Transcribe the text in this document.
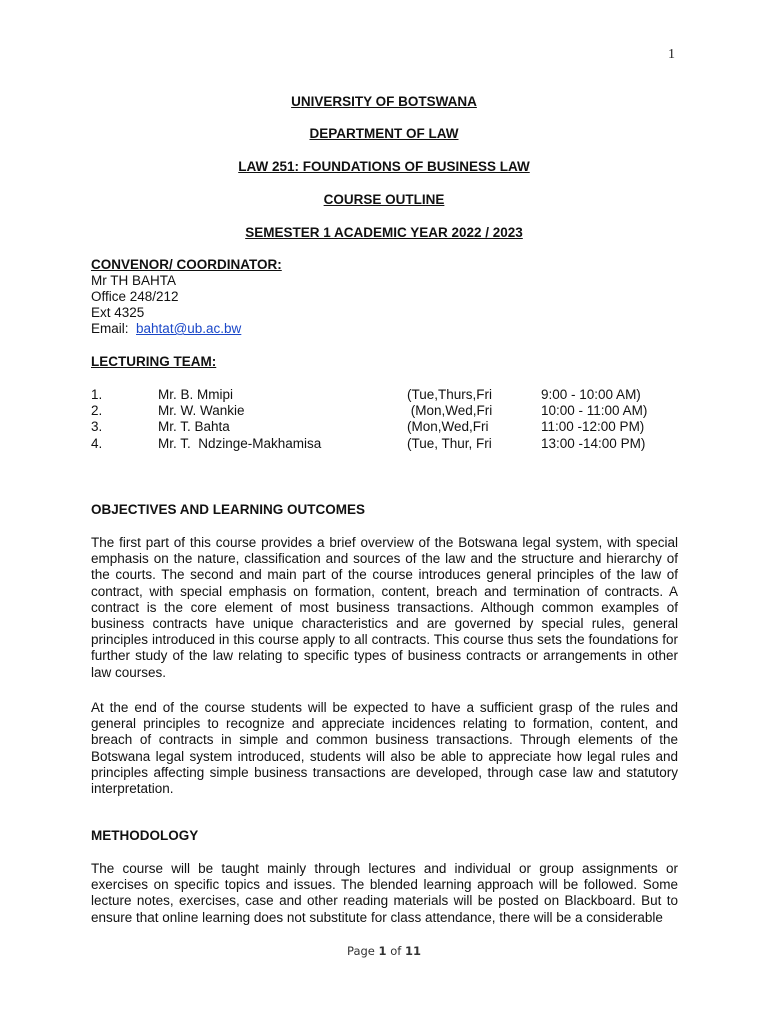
1
UNIVERSITY OF BOTSWANA
DEPARTMENT OF LAW
LAW 251: FOUNDATIONS OF BUSINESS LAW
COURSE OUTLINE
SEMESTER 1 ACADEMIC YEAR 2022 / 2023
CONVENOR/ COORDINATOR:
Mr TH BAHTA
Office 248/212
Ext 4325
Email: bahtat@ub.ac.bw
LECTURING TEAM:
1.	Mr. B. Mmipi	(Tue,Thurs,Fri	9:00 - 10:00 AM)
2.	Mr. W. Wankie	(Mon,Wed,Fri	10:00 - 11:00 AM)
3.	Mr. T. Bahta	(Mon,Wed,Fri	11:00 -12:00 PM)
4.	Mr. T.  Ndzinge-Makhamisa	(Tue, Thur, Fri	13:00 -14:00 PM)
OBJECTIVES AND LEARNING OUTCOMES

The first part of this course provides a brief overview of the Botswana legal system, with special emphasis on the nature, classification and sources of the law and the structure and hierarchy of the courts. The second and main part of the course introduces general principles of the law of contract, with special emphasis on formation, content, breach and termination of contracts. A contract is the core element of most business transactions. Although common examples of business contracts have unique characteristics and are governed by special rules, general principles introduced in this course apply to all contracts. This course thus sets the foundations for further study of the law relating to specific types of business contracts or arrangements in other law courses.

At the end of the course students will be expected to have a sufficient grasp of the rules and general principles to recognize and appreciate incidences relating to formation, content, and breach of contracts in simple and common business transactions. Through elements of the Botswana legal system introduced, students will also be able to appreciate how legal rules and principles affecting simple business transactions are developed, through case law and statutory interpretation.

METHODOLOGY

The course will be taught mainly through lectures and individual or group assignments or exercises on specific topics and issues. The blended learning approach will be followed. Some lecture notes, exercises, case and other reading materials will be posted on Blackboard. But to ensure that online learning does not substitute for class attendance, there will be a considerable

Page 1 of 11
